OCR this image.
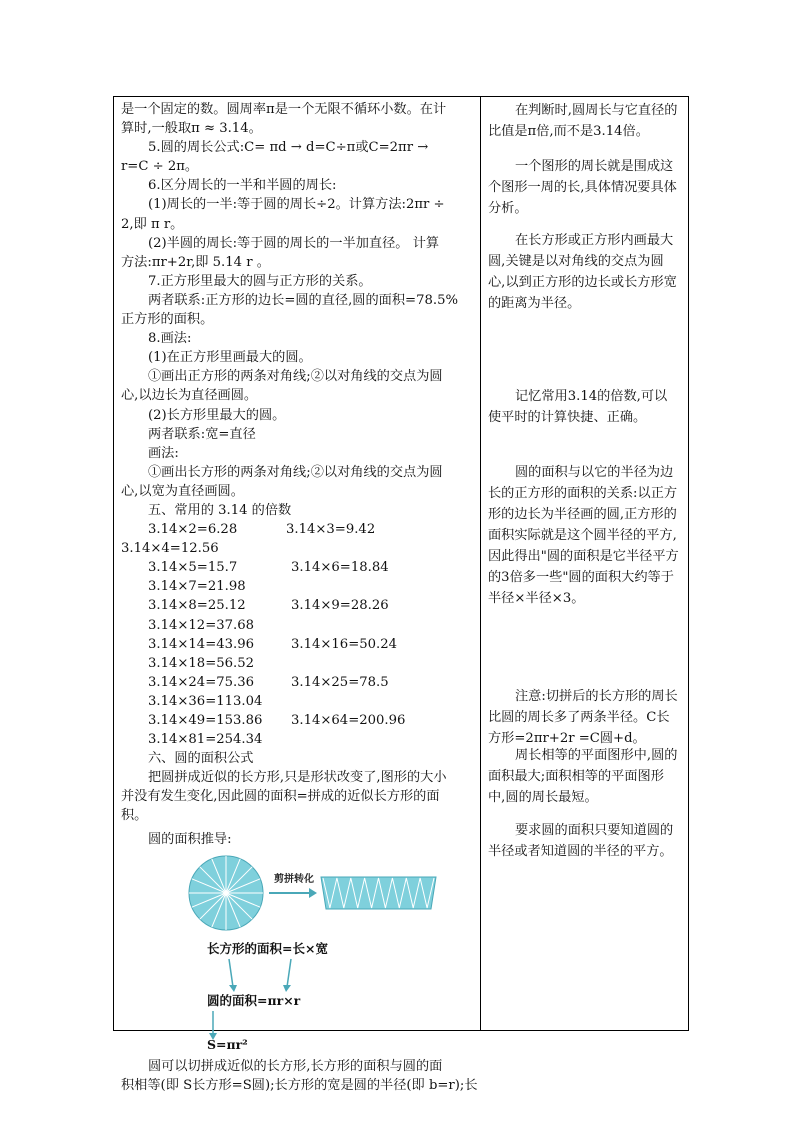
是一个固定的数。圆周率π是一个无限不循环小数。在计
算时,一般取π ≈ 3.14。
5.圆的周长公式:C= πd → d=C÷π或C=2πr →
r=C ÷ 2π。
6.区分周长的一半和半圆的周长:
(1)周长的一半:等于圆的周长÷2。计算方法:2πr ÷
2,即 π r。
(2)半圆的周长:等于圆的周长的一半加直径。 计算
方法:πr+2r,即 5.14 r 。
7.正方形里最大的圆与正方形的关系。
两者联系:正方形的边长=圆的直径,圆的面积=78.5%
正方形的面积。
8.画法:
(1)在正方形里画最大的圆。
①画出正方形的两条对角线;②以对角线的交点为圆
心,以边长为直径画圆。
(2)长方形里最大的圆。
两者联系:宽=直径
画法:
①画出长方形的两条对角线;②以对角线的交点为圆
心,以宽为直径画圆。
五、常用的 3.14 的倍数
3.14×2=6.28	3.14×3=9.42
3.14×4=12.56
3.14×5=15.7	3.14×6=18.84
3.14×7=21.98
3.14×8=25.12	3.14×9=28.26
3.14×12=37.68
3.14×14=43.96	3.14×16=50.24
3.14×18=56.52
3.14×24=75.36	3.14×25=78.5
3.14×36=113.04
3.14×49=153.86 3.14×64=200.96
3.14×81=254.34
六、圆的面积公式
把圆拼成近似的长方形,只是形状改变了,图形的大小
并没有发生变化,因此圆的面积=拼成的近似长方形的面
积。
圆的面积推导:
剪拼转化
长方形的面积=长×宽
圆的面积=πr×r
S=πr²
圆可以切拼成近似的长方形,长方形的面积与圆的面
积相等(即 S长方形=S圆);长方形的宽是圆的半径(即 b=r);长
在判断时,圆周长与它直径的比值是π倍,而不是3.14倍。
一个图形的周长就是围成这个图形一周的长,具体情况要具体分析。
在长方形或正方形内画最大圆,关键是以对角线的交点为圆心,以到正方形的边长或长方形宽的距离为半径。
记忆常用3.14的倍数,可以使平时的计算快捷、正确。
圆的面积与以它的半径为边长的正方形的面积的关系:以正方形的边长为半径画的圆,正方形的面积实际就是这个圆半径的平方,因此得出"圆的面积是它半径平方的3倍多一些"圆的面积大约等于半径×半径×3。
注意:切拼后的长方形的周长比圆的周长多了两条半径。C长方形=2πr+2r =C圆+d。
周长相等的平面图形中,圆的面积最大;面积相等的平面图形中,圆的周长最短。
要求圆的面积只要知道圆的半径或者知道圆的半径的平方。
